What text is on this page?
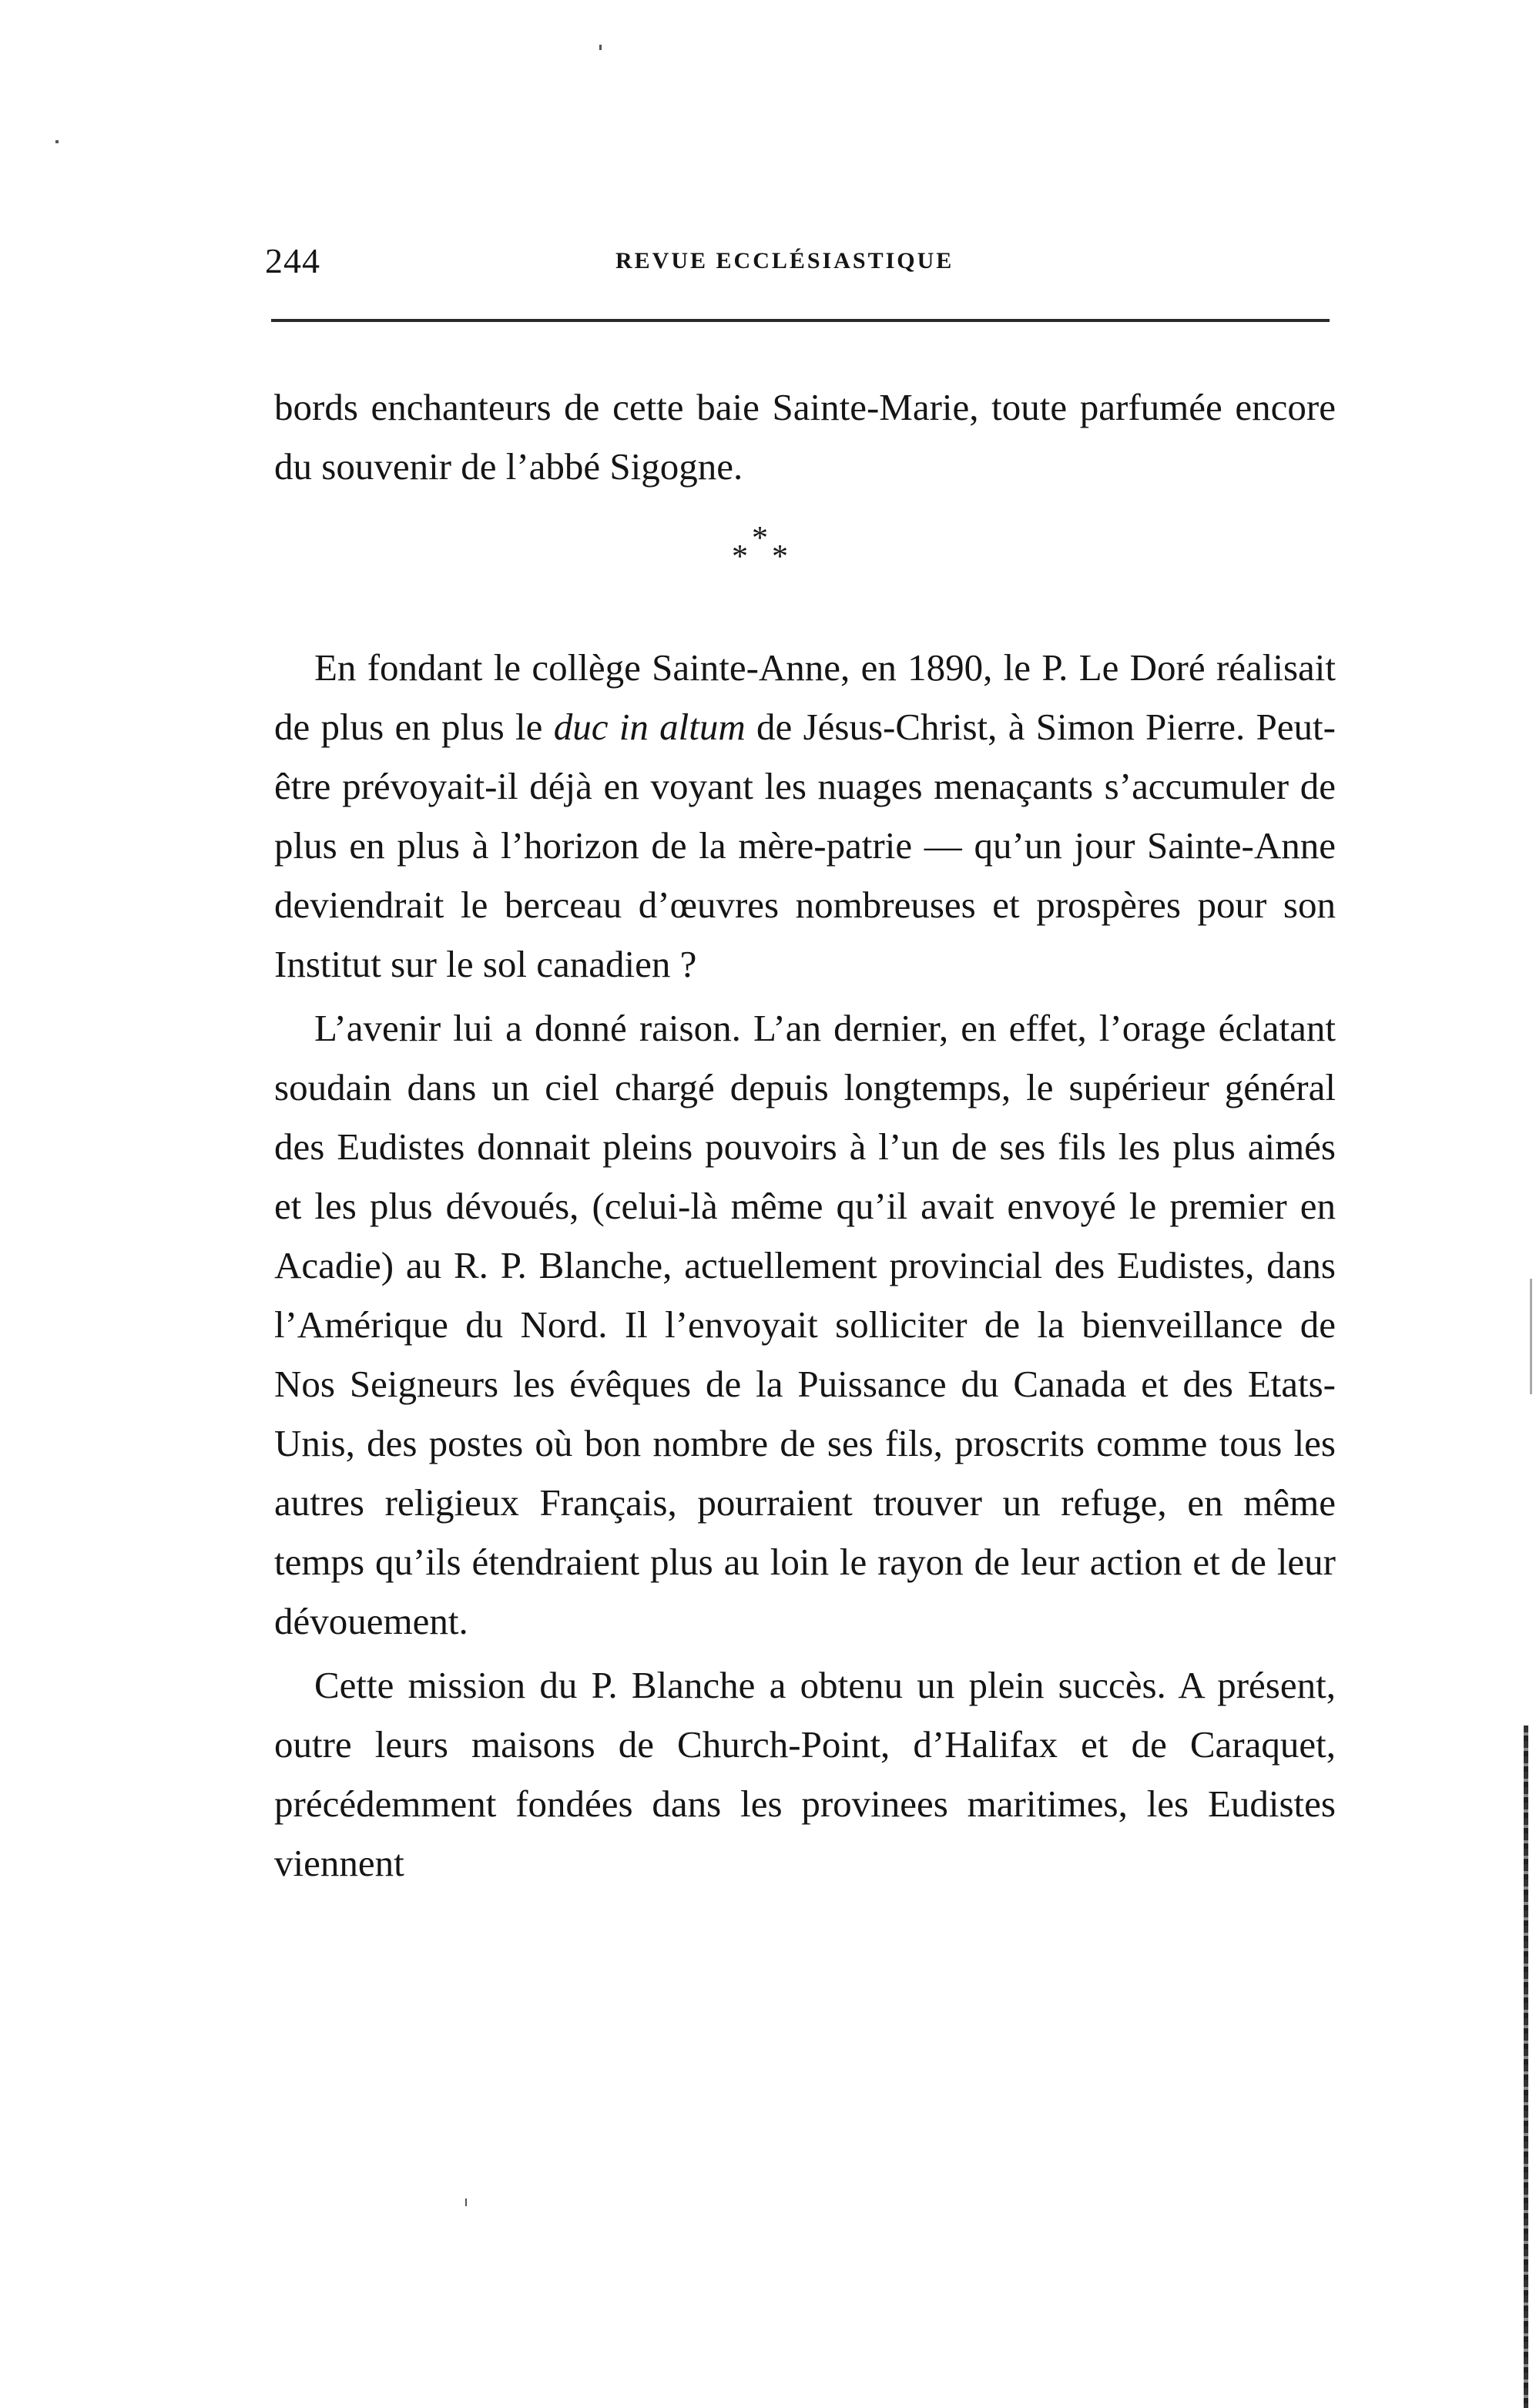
244	REVUE ECCLÉSIASTIQUE

bords enchanteurs de cette baie Sainte-Marie, toute parfumée encore du souvenir de l’abbé Sigogne.

*
* *

En fondant le collège Sainte-Anne, en 1890, le P. Le Doré réalisait de plus en plus le duc in altum de Jésus-Christ, à Simon Pierre. Peut-être prévoyait-il déjà en voyant les nuages menaçants s’accumuler de plus en plus à l’horizon de la mère-patrie — qu’un jour Sainte-Anne deviendrait le berceau d’œuvres nombreuses et prospères pour son Institut sur le sol canadien ?

L’avenir lui a donné raison. L’an dernier, en effet, l’orage éclatant soudain dans un ciel chargé depuis longtemps, le supérieur général des Eudistes donnait pleins pouvoirs à l’un de ses fils les plus aimés et les plus dévoués, (celui-là même qu’il avait envoyé le premier en Acadie) au R. P. Blanche, actuellement provincial des Eudistes, dans l’Amérique du Nord. Il l’envoyait solliciter de la bienveillance de Nos Seigneurs les évêques de la Puissance du Canada et des Etats-Unis, des postes où bon nombre de ses fils, proscrits comme tous les autres religieux Français, pourraient trouver un refuge, en même temps qu’ils étendraient plus au loin le rayon de leur action et de leur dévouement.

Cette mission du P. Blanche a obtenu un plein succès. A présent, outre leurs maisons de Church-Point, d’Halifax et de Caraquet, précédemment fondées dans les provinees maritimes, les Eudistes viennent
